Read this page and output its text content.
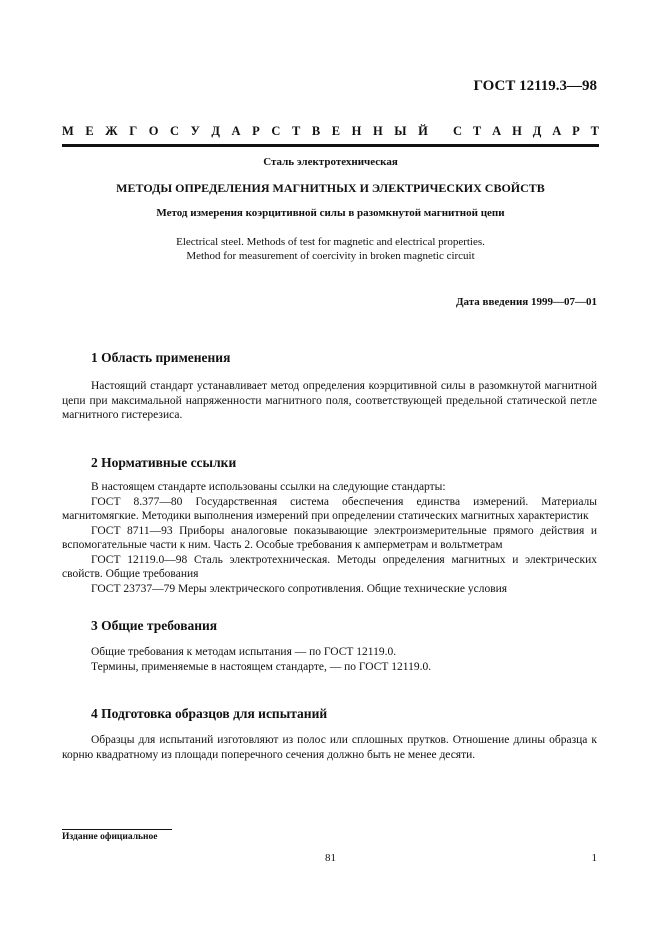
ГОСТ 12119.3—98
М Е Ж Г О С У Д А Р С Т В Е Н Н Ы Й С Т А Н Д А Р Т
Сталь электротехническая
МЕТОДЫ ОПРЕДЕЛЕНИЯ МАГНИТНЫХ И ЭЛЕКТРИЧЕСКИХ СВОЙСТВ
Метод измерения коэрцитивной силы в разомкнутой магнитной цепи
Electrical steel. Methods of test for magnetic and electrical properties.
Method for measurement of coercivity in broken magnetic circuit
Дата введения 1999—07—01
1 Область применения

Настоящий стандарт устанавливает метод определения коэрцитивной силы в разомкнутой магнитной цепи при максимальной напряженности магнитного поля, соответствующей предельной статической петле магнитного гистерезиса.

2 Нормативные ссылки

В настоящем стандарте использованы ссылки на следующие стандарты:

ГОСТ 8.377—80 Государственная система обеспечения единства измерений. Материалы магнитомягкие. Методики выполнения измерений при определении статических магнитных характеристик

ГОСТ 8711—93 Приборы аналоговые показывающие электроизмерительные прямого действия и вспомогательные части к ним. Часть 2. Особые требования к амперметрам и вольтметрам

ГОСТ 12119.0—98 Сталь электротехническая. Методы определения магнитных и электрических свойств. Общие требования

ГОСТ 23737—79 Меры электрического сопротивления. Общие технические условия

3 Общие требования

Общие требования к методам испытания — по ГОСТ 12119.0.

Термины, применяемые в настоящем стандарте, — по ГОСТ 12119.0.

4 Подготовка образцов для испытаний

Образцы для испытаний изготовляют из полос или сплошных прутков. Отношение длины образца к корню квадратному из площади поперечного сечения должно быть не менее десяти.

Издание официальное
81	1
